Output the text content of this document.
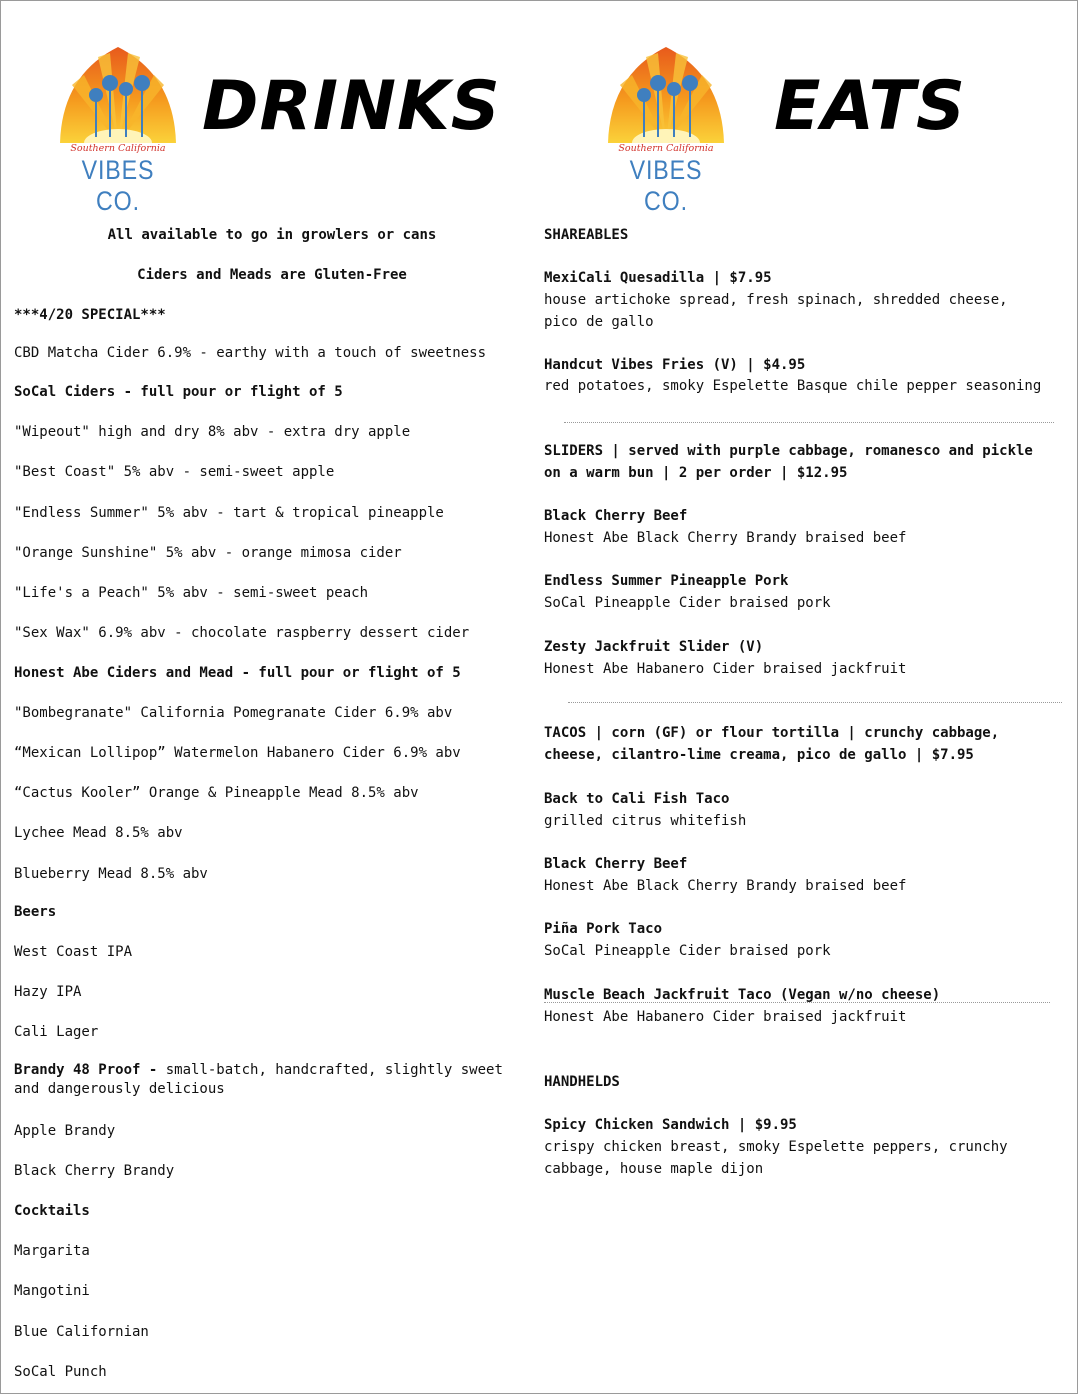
Southern California
VIBES CO.
DRINKS
All available to go in growlers or cans
Ciders and Meads are Gluten-Free
***4/20 SPECIAL***
CBD Matcha Cider 6.9% - earthy with a touch of sweetness
SoCal Ciders - full pour or flight of 5
"Wipeout" high and dry 8% abv - extra dry apple
"Best Coast" 5% abv - semi-sweet apple
"Endless Summer" 5% abv - tart & tropical pineapple
"Orange Sunshine" 5% abv - orange mimosa cider
"Life's a Peach" 5% abv - semi-sweet peach
"Sex Wax" 6.9% abv - chocolate raspberry dessert cider
Honest Abe Ciders and Mead - full pour or flight of 5
"Bombegranate" California Pomegranate Cider 6.9% abv
“Mexican Lollipop” Watermelon Habanero Cider 6.9% abv
“Cactus Kooler” Orange & Pineapple Mead 8.5% abv
Lychee Mead 8.5% abv
Blueberry Mead 8.5% abv
Beers
West Coast IPA
Hazy IPA
Cali Lager
Brandy 48 Proof - small-batch, handcrafted, slightly sweet and dangerously delicious
Apple Brandy
Black Cherry Brandy
Cocktails
Margarita
Mangotini
Blue Californian
SoCal Punch
Southern California
VIBES CO.
EATS
SHAREABLES
MexiCali Quesadilla | $7.95
house artichoke spread, fresh spinach, shredded cheese,
pico de gallo
Handcut Vibes Fries (V) | $4.95
red potatoes, smoky Espelette Basque chile pepper seasoning
SLIDERS | served with purple cabbage, romanesco and pickle
on a warm bun | 2 per order | $12.95
Black Cherry Beef
Honest Abe Black Cherry Brandy braised beef
Endless Summer Pineapple Pork
SoCal Pineapple Cider braised pork
Zesty Jackfruit Slider (V)
Honest Abe Habanero Cider braised jackfruit
TACOS | corn (GF) or flour tortilla | crunchy cabbage,
cheese, cilantro-lime creama, pico de gallo | $7.95
Back to Cali Fish Taco
grilled citrus whitefish
Black Cherry Beef
Honest Abe Black Cherry Brandy braised beef
Piña Pork Taco
SoCal Pineapple Cider braised pork
Muscle Beach Jackfruit Taco (Vegan w/no cheese)
Honest Abe Habanero Cider braised jackfruit
HANDHELDS
Spicy Chicken Sandwich | $9.95
crispy chicken breast, smoky Espelette peppers, crunchy
cabbage, house maple dijon
